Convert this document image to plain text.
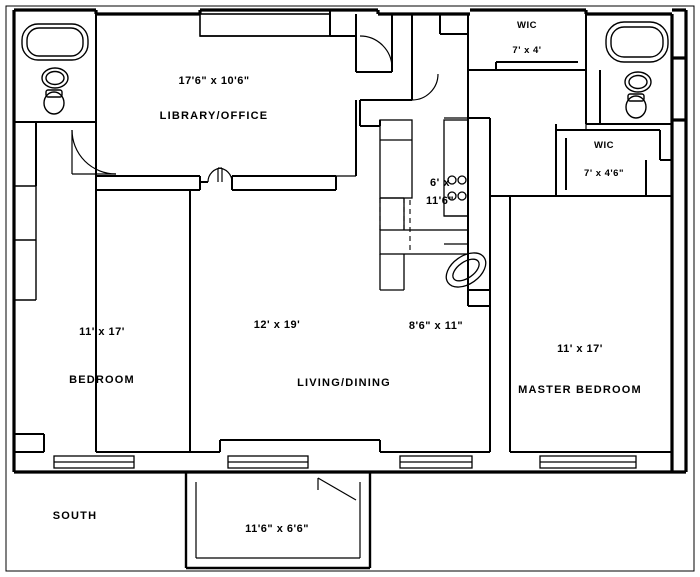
17'6" x 10'6"
LIBRARY/OFFICE
WIC
7' x 4'
WIC
7' x 4'6"
6' x
11'6"
11' x 17'
BEDROOM
12' x 19'
LIVING/DINING
8'6" x 11"
11' x 17'
MASTER BEDROOM
SOUTH
11'6" x 6'6"
